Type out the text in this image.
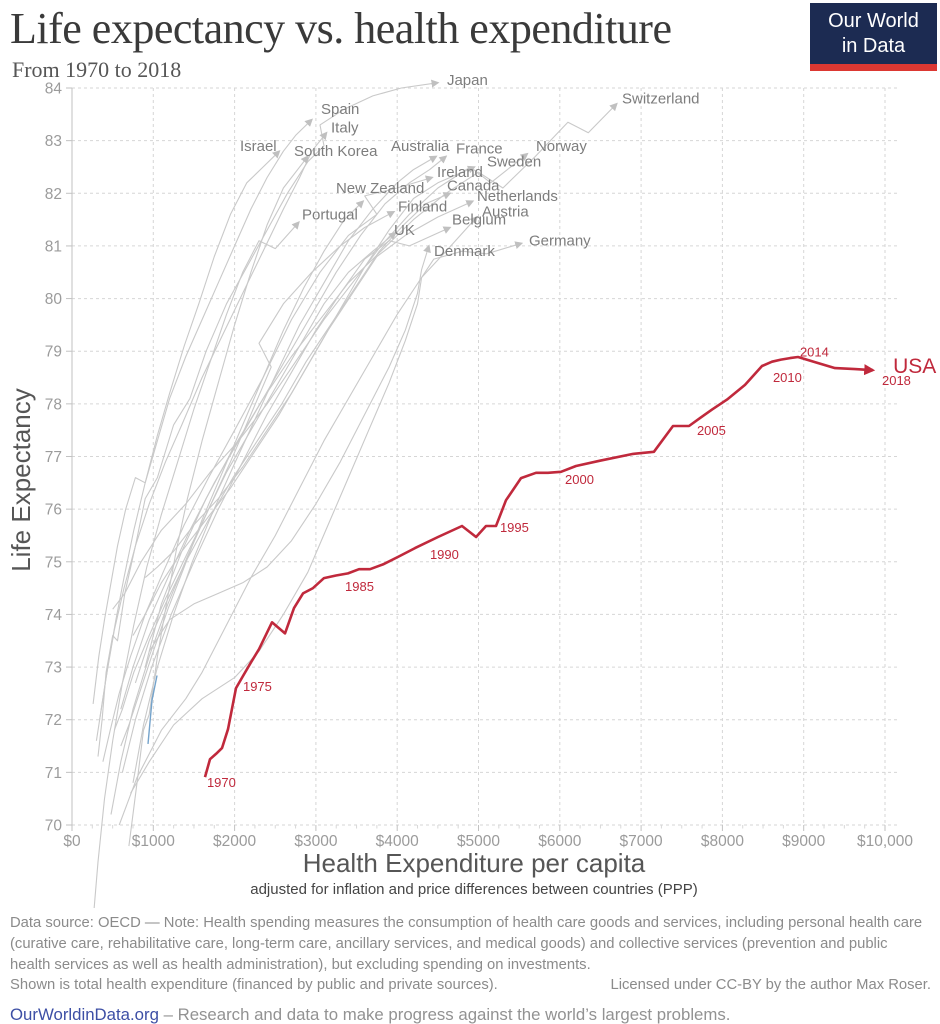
Life expectancy vs. health expenditure
From 1970 to 2018
Our World
in Data
1970
1975
1985
1990
1995
2000
2005
2010
2014
2018
USA
70
71
72
73
74
75
76
77
78
79
80
81
82
83
84
$0	$1000 $2000 $3000 $4000 $5000 $6000 $7000 $8000 $9000 $10,000
Japan
Switzerland
Spain
Italy
Israel South Korea Australia France Norway
Sweden
Ireland
Canada
New Zealand	Netherlands
Finland Austria
Portugal	Belgium
UK
Germany
Denmark
Health Expenditure per capita
adjusted for inflation and price differences between countries (PPP)
Life Expectancy
Data source: OECD — Note: Health spending measures the consumption of health care goods and services, including personal health care (curative care, rehabilitative care, long-term care, ancillary services, and medical goods) and collective services (prevention and public health services as well as health administration), but excluding spending on investments.
Shown is total health expenditure (financed by public and private sources).	Licensed under CC-BY by the author Max Roser.
OurWorldinData.org – Research and data to make progress against the world’s largest problems.
